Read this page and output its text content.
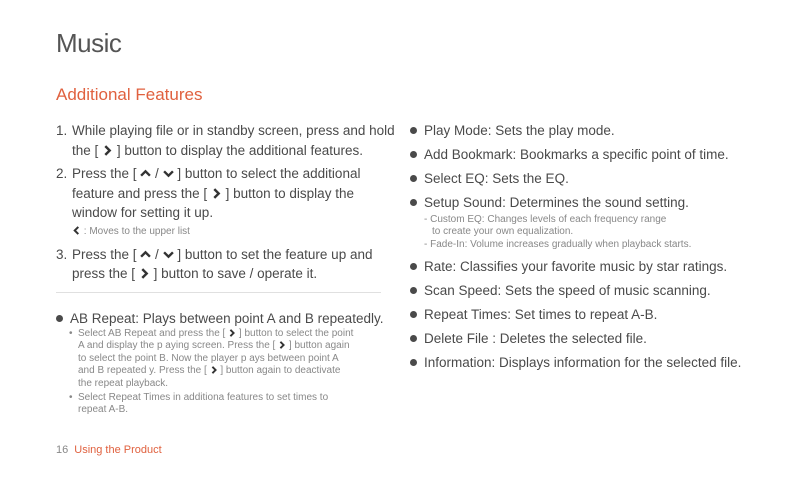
Music
Additional Features
1. While playing file or in standby screen, press and hold
the [ ] button to display the additional features.
2. Press the [  /  ] button to select the additional
feature and press the [ ] button to display the
window for setting it up.
: Moves to the upper list
3. Press the [  /  ] button to set the feature up and
press the [ ] button to save / operate it.
AB Repeat: Plays between point A and B repeatedly.
• Select AB Repeat and press the [ ] button to select the point
A and display the p aying screen. Press the [ ] button again
to select the point B. Now the player p ays between point A
and B repeated y. Press the [ ] button again to deactivate
the repeat playback.
• Select Repeat Times in additiona features to set times to
repeat A-B.
Play Mode: Sets the play mode.
Add Bookmark: Bookmarks a specific point of time.
Select EQ: Sets the EQ.
Setup Sound: Determines the sound setting.
- Custom EQ: Changes levels of each frequency range
to create your own equalization.
- Fade-In: Volume increases gradually when playback starts.
Rate: Classifies your favorite music by star ratings.
Scan Speed: Sets the speed of music scanning.
Repeat Times: Set times to repeat A-B.
Delete File : Deletes the selected file.
Information: Displays information for the selected file.
16 Using the Product
